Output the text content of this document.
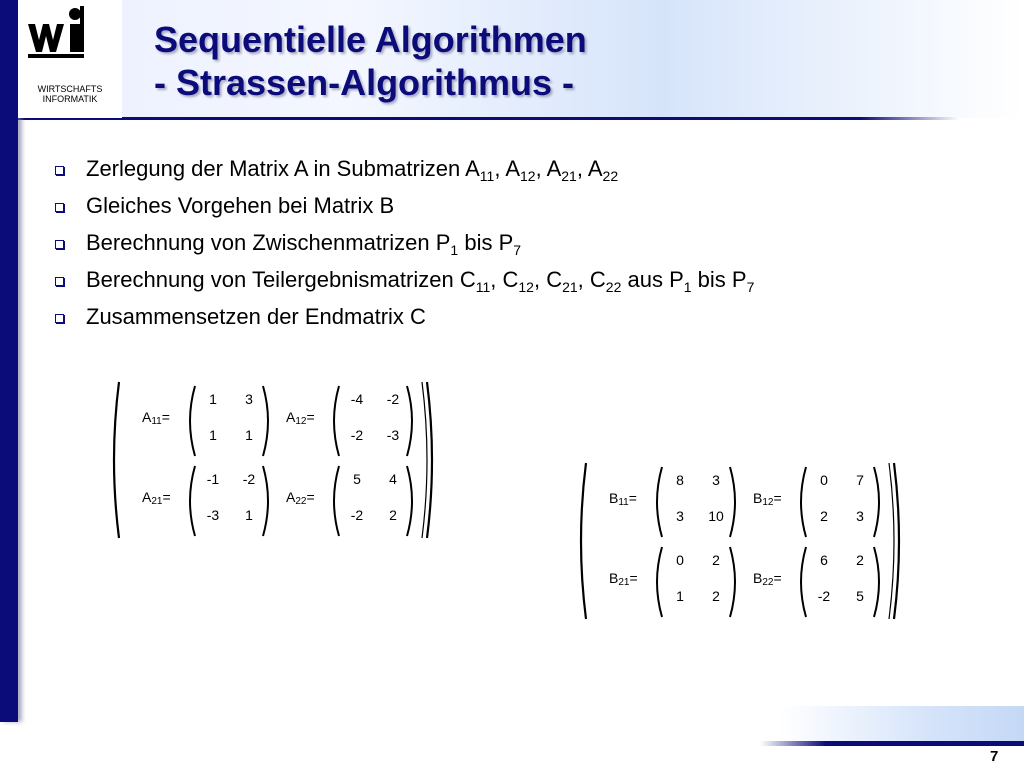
WIRTSCHAFTS
INFORMATIK
Sequentielle Algorithmen
- Strassen-Algorithmus -
Zerlegung der Matrix A in Submatrizen $A_{11}$, $A_{12}$, $A_{21}$, $A_{22}$
Gleiches Vorgehen bei Matrix B
Berechnung von Zwischenmatrizen $P_1$ bis $P_7$
Berechnung von Teilergebnismatrizen $C_{11}$, $C_{12}$, $C_{21}$, $C_{22}$ aus $P_1$ bis $P_7$
Zusammensetzen der Endmatrix C
A11=
1 3
1 1
A12=
-4 -2
-2 -3
A21=
-1 -2
-3 1
A22=
5 4
-2 2
B11=
8 3
3 10
B12=
0 7
2 3
B21=
0 2
1 2
B22=
6 2
-2 5
7
